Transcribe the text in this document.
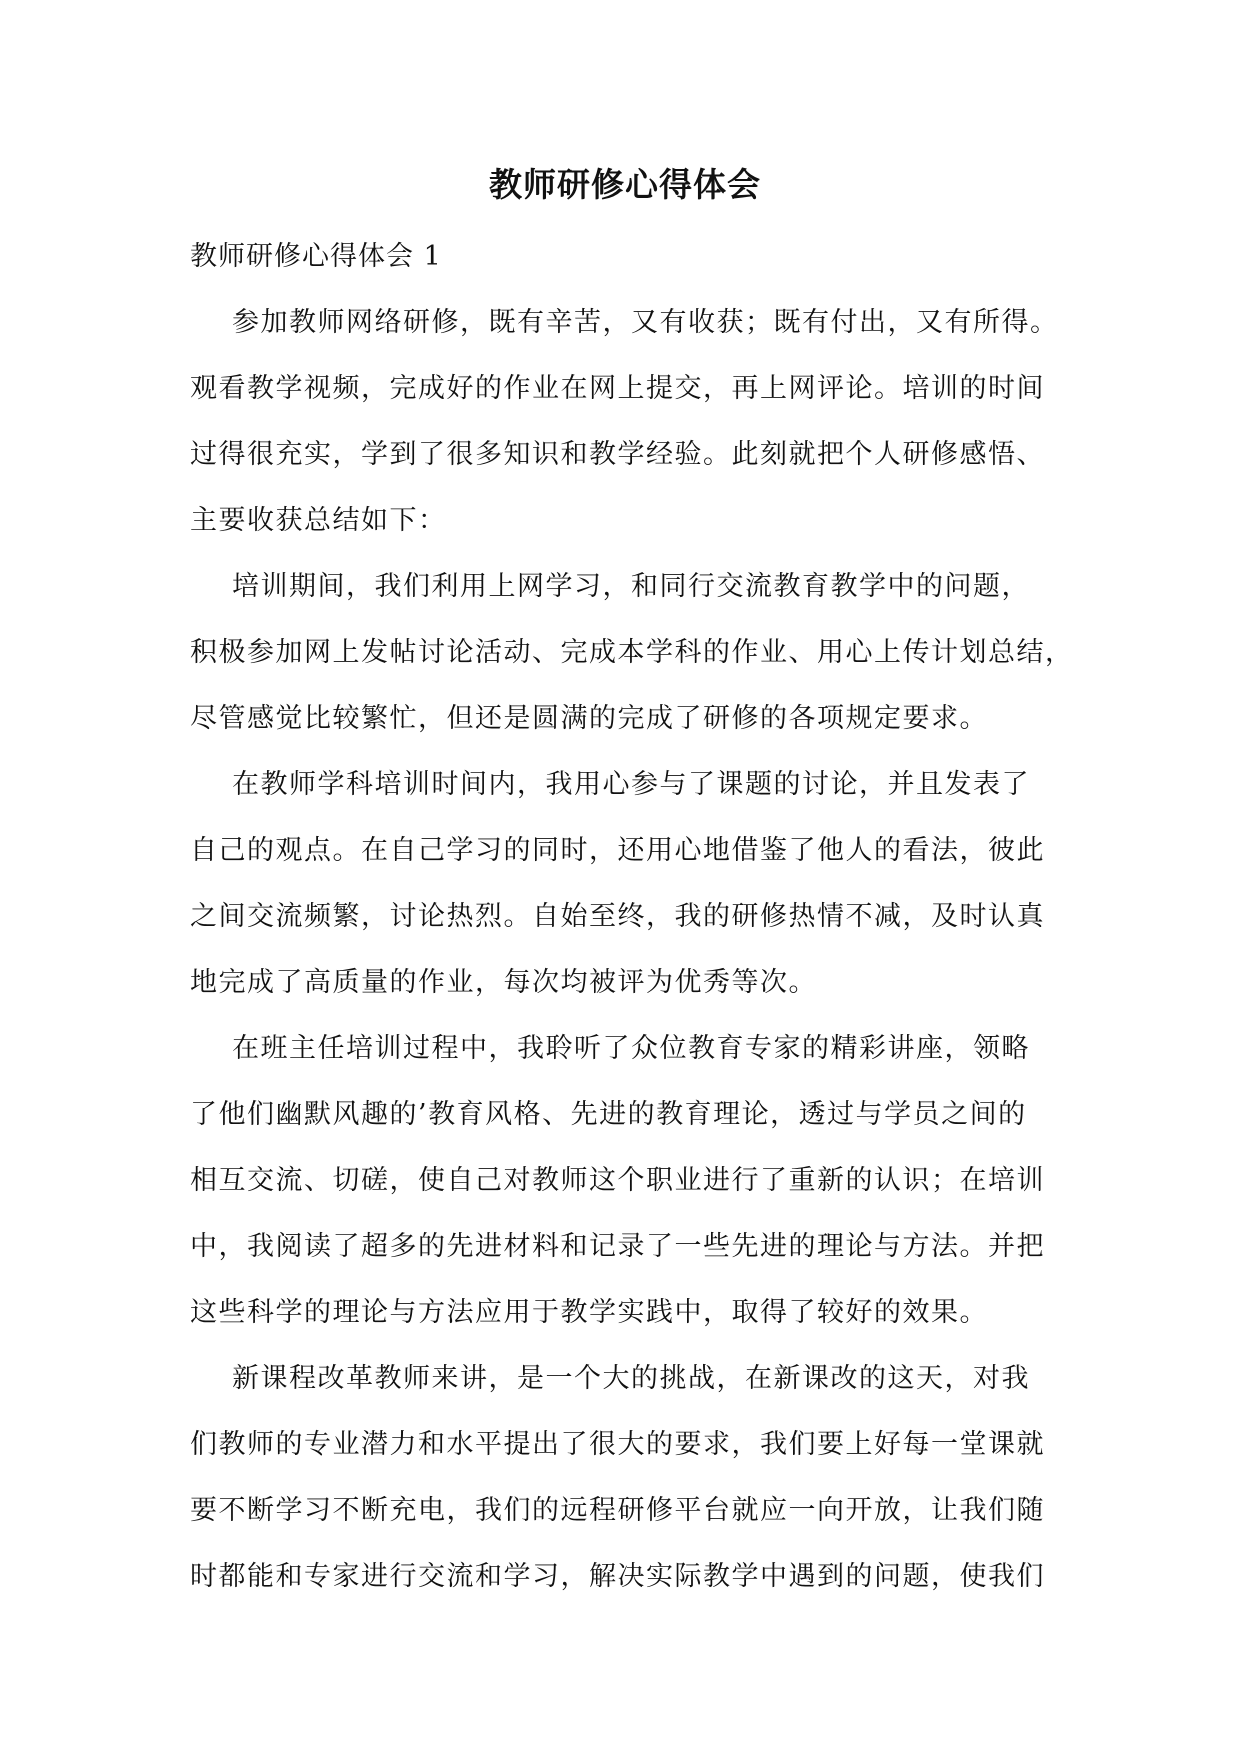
教师研修心得体会
教师研修心得体会 1

参加教师网络研修，既有辛苦，又有收获；既有付出，又有所得。
观看教学视频，完成好的作业在网上提交，再上网评论。培训的时间
过得很充实，学到了很多知识和教学经验。此刻就把个人研修感悟、
主要收获总结如下：

培训期间，我们利用上网学习，和同行交流教育教学中的问题，
积极参加网上发帖讨论活动、完成本学科的作业、用心上传计划总结，
尽管感觉比较繁忙，但还是圆满的完成了研修的各项规定要求。

在教师学科培训时间内，我用心参与了课题的讨论，并且发表了
自己的观点。在自己学习的同时，还用心地借鉴了他人的看法，彼此
之间交流频繁，讨论热烈。自始至终，我的研修热情不减，及时认真
地完成了高质量的作业，每次均被评为优秀等次。

在班主任培训过程中，我聆听了众位教育专家的精彩讲座，领略
了他们幽默风趣的’教育风格、先进的教育理论，透过与学员之间的
相互交流、切磋，使自己对教师这个职业进行了重新的认识；在培训
中，我阅读了超多的先进材料和记录了一些先进的理论与方法。并把
这些科学的理论与方法应用于教学实践中，取得了较好的效果。

新课程改革教师来讲，是一个大的挑战，在新课改的这天，对我
们教师的专业潜力和水平提出了很大的要求，我们要上好每一堂课就
要不断学习不断充电，我们的远程研修平台就应一向开放，让我们随
时都能和专家进行交流和学习，解决实际教学中遇到的问题，使我们
